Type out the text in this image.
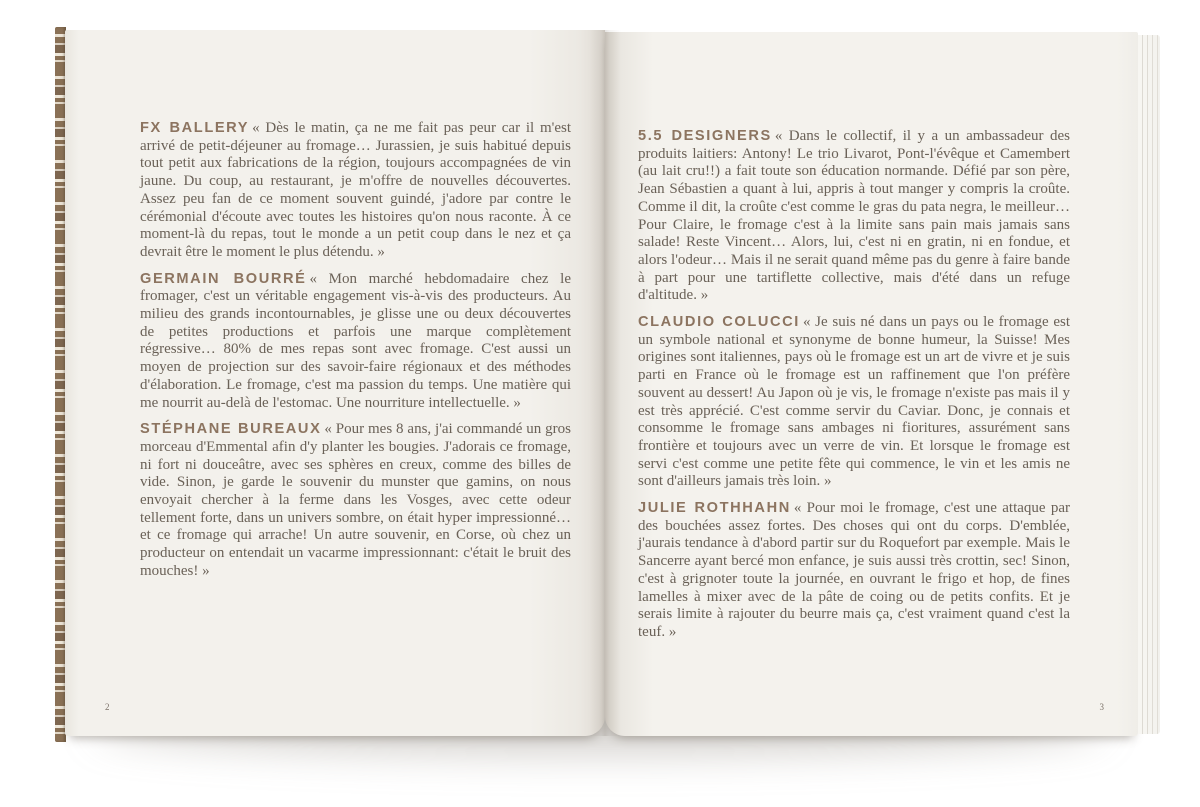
FX BALLERY « Dès le matin, ça ne me fait pas peur car il m'est arrivé de petit-déjeuner au fromage… Jurassien, je suis habitué depuis tout petit aux fabrications de la région, toujours accompagnées de vin jaune. Du coup, au restaurant, je m'offre de nouvelles découvertes. Assez peu fan de ce moment souvent guindé, j'adore par contre le cérémonial d'écoute avec toutes les histoires qu'on nous raconte. À ce moment-là du repas, tout le monde a un petit coup dans le nez et ça devrait être le moment le plus détendu. »

GERMAIN BOURRÉ « Mon marché hebdomadaire chez le fromager, c'est un véritable engagement vis-à-vis des producteurs. Au milieu des grands incontournables, je glisse une ou deux découvertes de petites productions et parfois une marque complètement régressive… 80% de mes repas sont avec fromage. C'est aussi un moyen de projection sur des savoir-faire régionaux et des méthodes d'élaboration. Le fromage, c'est ma passion du temps. Une matière qui me nourrit au-delà de l'estomac. Une nourriture intellectuelle. »

STÉPHANE BUREAUX « Pour mes 8 ans, j'ai commandé un gros morceau d'Emmental afin d'y planter les bougies. J'adorais ce fromage, ni fort ni douceâtre, avec ses sphères en creux, comme des billes de vide. Sinon, je garde le souvenir du munster que gamins, on nous envoyait chercher à la ferme dans les Vosges, avec cette odeur tellement forte, dans un univers sombre, on était hyper impressionné… et ce fromage qui arrache! Un autre souvenir, en Corse, où chez un producteur on entendait un vacarme impressionnant: c'était le bruit des mouches! »

2

5.5 DESIGNERS « Dans le collectif, il y a un ambassadeur des produits laitiers: Antony! Le trio Livarot, Pont-l'évêque et Camembert (au lait cru!!) a fait toute son éducation normande. Défié par son père, Jean Sébastien a quant à lui, appris à tout manger y compris la croûte. Comme il dit, la croûte c'est comme le gras du pata negra, le meilleur… Pour Claire, le fromage c'est à la limite sans pain mais jamais sans salade! Reste Vincent… Alors, lui, c'est ni en gratin, ni en fondue, et alors l'odeur… Mais il ne serait quand même pas du genre à faire bande à part pour une tartiflette collective, mais d'été dans un refuge d'altitude. »

CLAUDIO COLUCCI « Je suis né dans un pays ou le fromage est un symbole national et synonyme de bonne humeur, la Suisse! Mes origines sont italiennes, pays où le fromage est un art de vivre et je suis parti en France où le fromage est un raffinement que l'on préfère souvent au dessert! Au Japon où je vis, le fromage n'existe pas mais il y est très apprécié. C'est comme servir du Caviar. Donc, je connais et consomme le fromage sans ambages ni fioritures, assurément sans frontière et toujours avec un verre de vin. Et lorsque le fromage est servi c'est comme une petite fête qui commence, le vin et les amis ne sont d'ailleurs jamais très loin. »

JULIE ROTHHAHN « Pour moi le fromage, c'est une attaque par des bouchées assez fortes. Des choses qui ont du corps. D'emblée, j'aurais tendance à d'abord partir sur du Roquefort par exemple. Mais le Sancerre ayant bercé mon enfance, je suis aussi très crottin, sec! Sinon, c'est à grignoter toute la journée, en ouvrant le frigo et hop, de fines lamelles à mixer avec de la pâte de coing ou de petits confits. Et je serais limite à rajouter du beurre mais ça, c'est vraiment quand c'est la teuf. »

3
